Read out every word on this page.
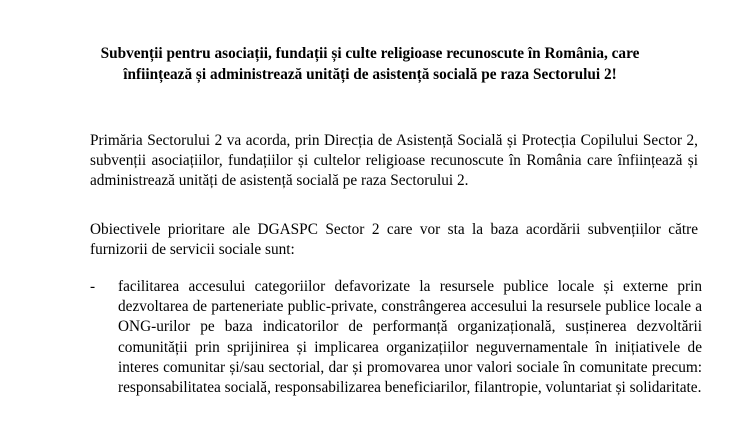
Subvenții pentru asociații, fundații și culte religioase recunoscute în România, care înființează și administrează unități de asistență socială pe raza Sectorului 2!

Primăria Sectorului 2 va acorda, prin Direcția de Asistență Socială și Protecția Copilului Sector 2, subvenții asociațiilor, fundațiilor și cultelor religioase recunoscute în România care înființează și administrează unități de asistență socială pe raza Sectorului 2.

Obiectivele prioritare ale DGASPC Sector 2 care vor sta la baza acordării subvențiilor către furnizorii de servicii sociale sunt:

- facilitarea accesului categoriilor defavorizate la resursele publice locale și externe prin dezvoltarea de parteneriate public-private, constrângerea accesului la resursele publice locale a ONG-urilor pe baza indicatorilor de performanță organizațională, susținerea dezvoltării comunității prin sprijinirea și implicarea organizațiilor neguvernamentale în inițiativele de interes comunitar și/sau sectorial, dar și promovarea unor valori sociale în comunitate precum: responsabilitatea socială, responsabilizarea beneficiarilor, filantropie, voluntariat și solidaritate.
